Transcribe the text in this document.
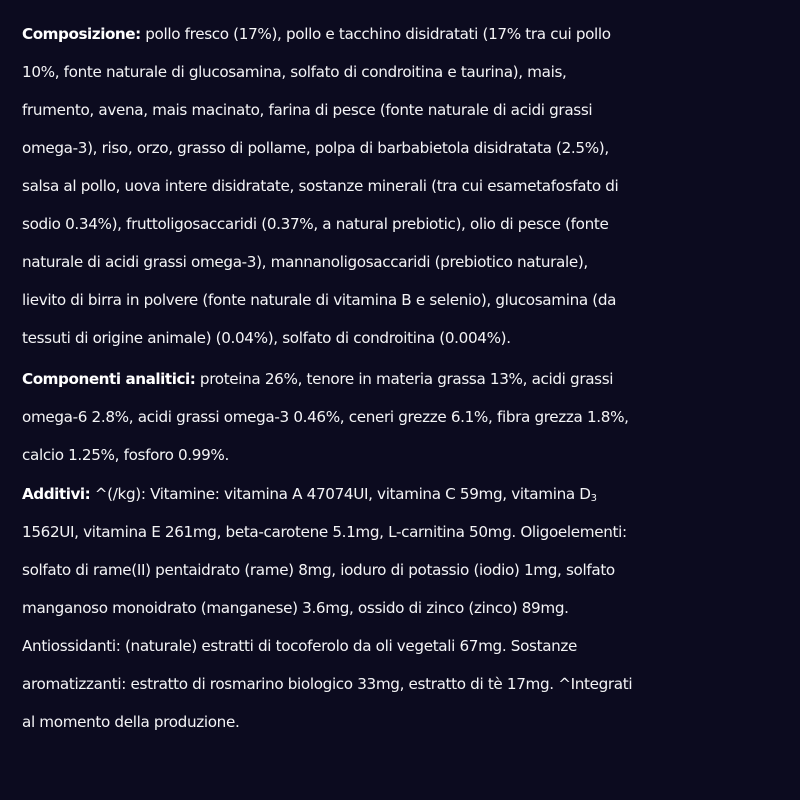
Composizione: pollo fresco (17%), pollo e tacchino disidratati (17% tra cui pollo
10%, fonte naturale di glucosamina, solfato di condroitina e taurina), mais,
frumento, avena, mais macinato, farina di pesce (fonte naturale di acidi grassi
omega-3), riso, orzo, grasso di pollame, polpa di barbabietola disidratata (2.5%),
salsa al pollo, uova intere disidratate, sostanze minerali (tra cui esametafosfato di
sodio 0.34%), fruttoligosaccaridi (0.37%, a natural prebiotic), olio di pesce (fonte
naturale di acidi grassi omega-3), mannanoligosaccaridi (prebiotico naturale),
lievito di birra in polvere (fonte naturale di vitamina B e selenio), glucosamina (da
tessuti di origine animale) (0.04%), solfato di condroitina (0.004%).
Componenti analitici: proteina 26%, tenore in materia grassa 13%, acidi grassi
omega-6 2.8%, acidi grassi omega-3 0.46%, ceneri grezze 6.1%, fibra grezza 1.8%,
calcio 1.25%, fosforo 0.99%.
Additivi: ^(/kg): Vitamine: vitamina A 47074UI, vitamina C 59mg, vitamina $D_3$
1562UI, vitamina E 261mg, beta-carotene 5.1mg, L-carnitina 50mg. Oligoelementi:
solfato di rame(II) pentaidrato (rame) 8mg, ioduro di potassio (iodio) 1mg, solfato
manganoso monoidrato (manganese) 3.6mg, ossido di zinco (zinco) 89mg.
Antiossidanti: (naturale) estratti di tocoferolo da oli vegetali 67mg. Sostanze
aromatizzanti: estratto di rosmarino biologico 33mg, estratto di tè 17mg. ^Integrati
al momento della produzione.
